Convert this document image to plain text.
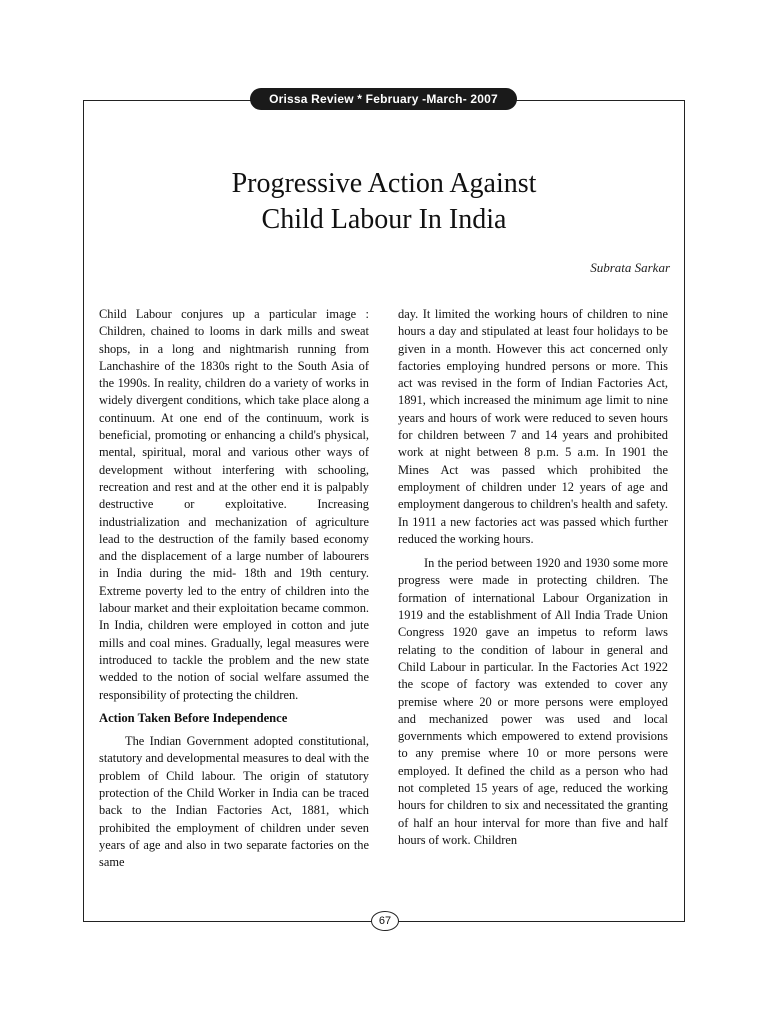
Orissa Review * February -March- 2007
Progressive Action Against
Child Labour In India
Subrata Sarkar

Child Labour conjures up a particular image : Children, chained to looms in dark mills and sweat shops, in a long and nightmarish running from Lanchashire of the 1830s right to the South Asia of the 1990s. In reality, children do a variety of works in widely divergent conditions, which take place along a continuum. At one end of the continuum, work is beneficial, promoting or enhancing a child's physical, mental, spiritual, moral and various other ways of development without interfering with schooling, recreation and rest and at the other end it is palpably destructive or exploitative. Increasing industrialization and mechanization of agriculture lead to the destruction of the family based economy and the displacement of a large number of labourers in India during the mid- 18th and 19th century. Extreme poverty led to the entry of children into the labour market and their exploitation became common. In India, children were employed in cotton and jute mills and coal mines. Gradually, legal measures were introduced to tackle the problem and the new state wedded to the notion of social welfare assumed the responsibility of protecting the children.

Action Taken Before Independence

The Indian Government adopted constitutional, statutory and developmental measures to deal with the problem of Child labour. The origin of statutory protection of the Child Worker in India can be traced back to the Indian Factories Act, 1881, which prohibited the employment of children under seven years of age and also in two separate factories on the same

day. It limited the working hours of children to nine hours a day and stipulated at least four holidays to be given in a month. However this act concerned only factories employing hundred persons or more. This act was revised in the form of Indian Factories Act, 1891, which increased the minimum age limit to nine years and hours of work were reduced to seven hours for children between 7 and 14 years and prohibited work at night between 8 p.m. 5 a.m. In 1901 the Mines Act was passed which prohibited the employment of children under 12 years of age and employment dangerous to children's health and safety. In 1911 a new factories act was passed which further reduced the working hours.

In the period between 1920 and 1930 some more progress were made in protecting children. The formation of international Labour Organization in 1919 and the establishment of All India Trade Union Congress 1920 gave an impetus to reform laws relating to the condition of labour in general and Child Labour in particular. In the Factories Act 1922 the scope of factory was extended to cover any premise where 20 or more persons were employed and mechanized power was used and local governments which empowered to extend provisions to any premise where 10 or more persons were employed. It defined the child as a person who had not completed 15 years of age, reduced the working hours for children to six and necessitated the granting of half an hour interval for more than five and half hours of work. Children

67
